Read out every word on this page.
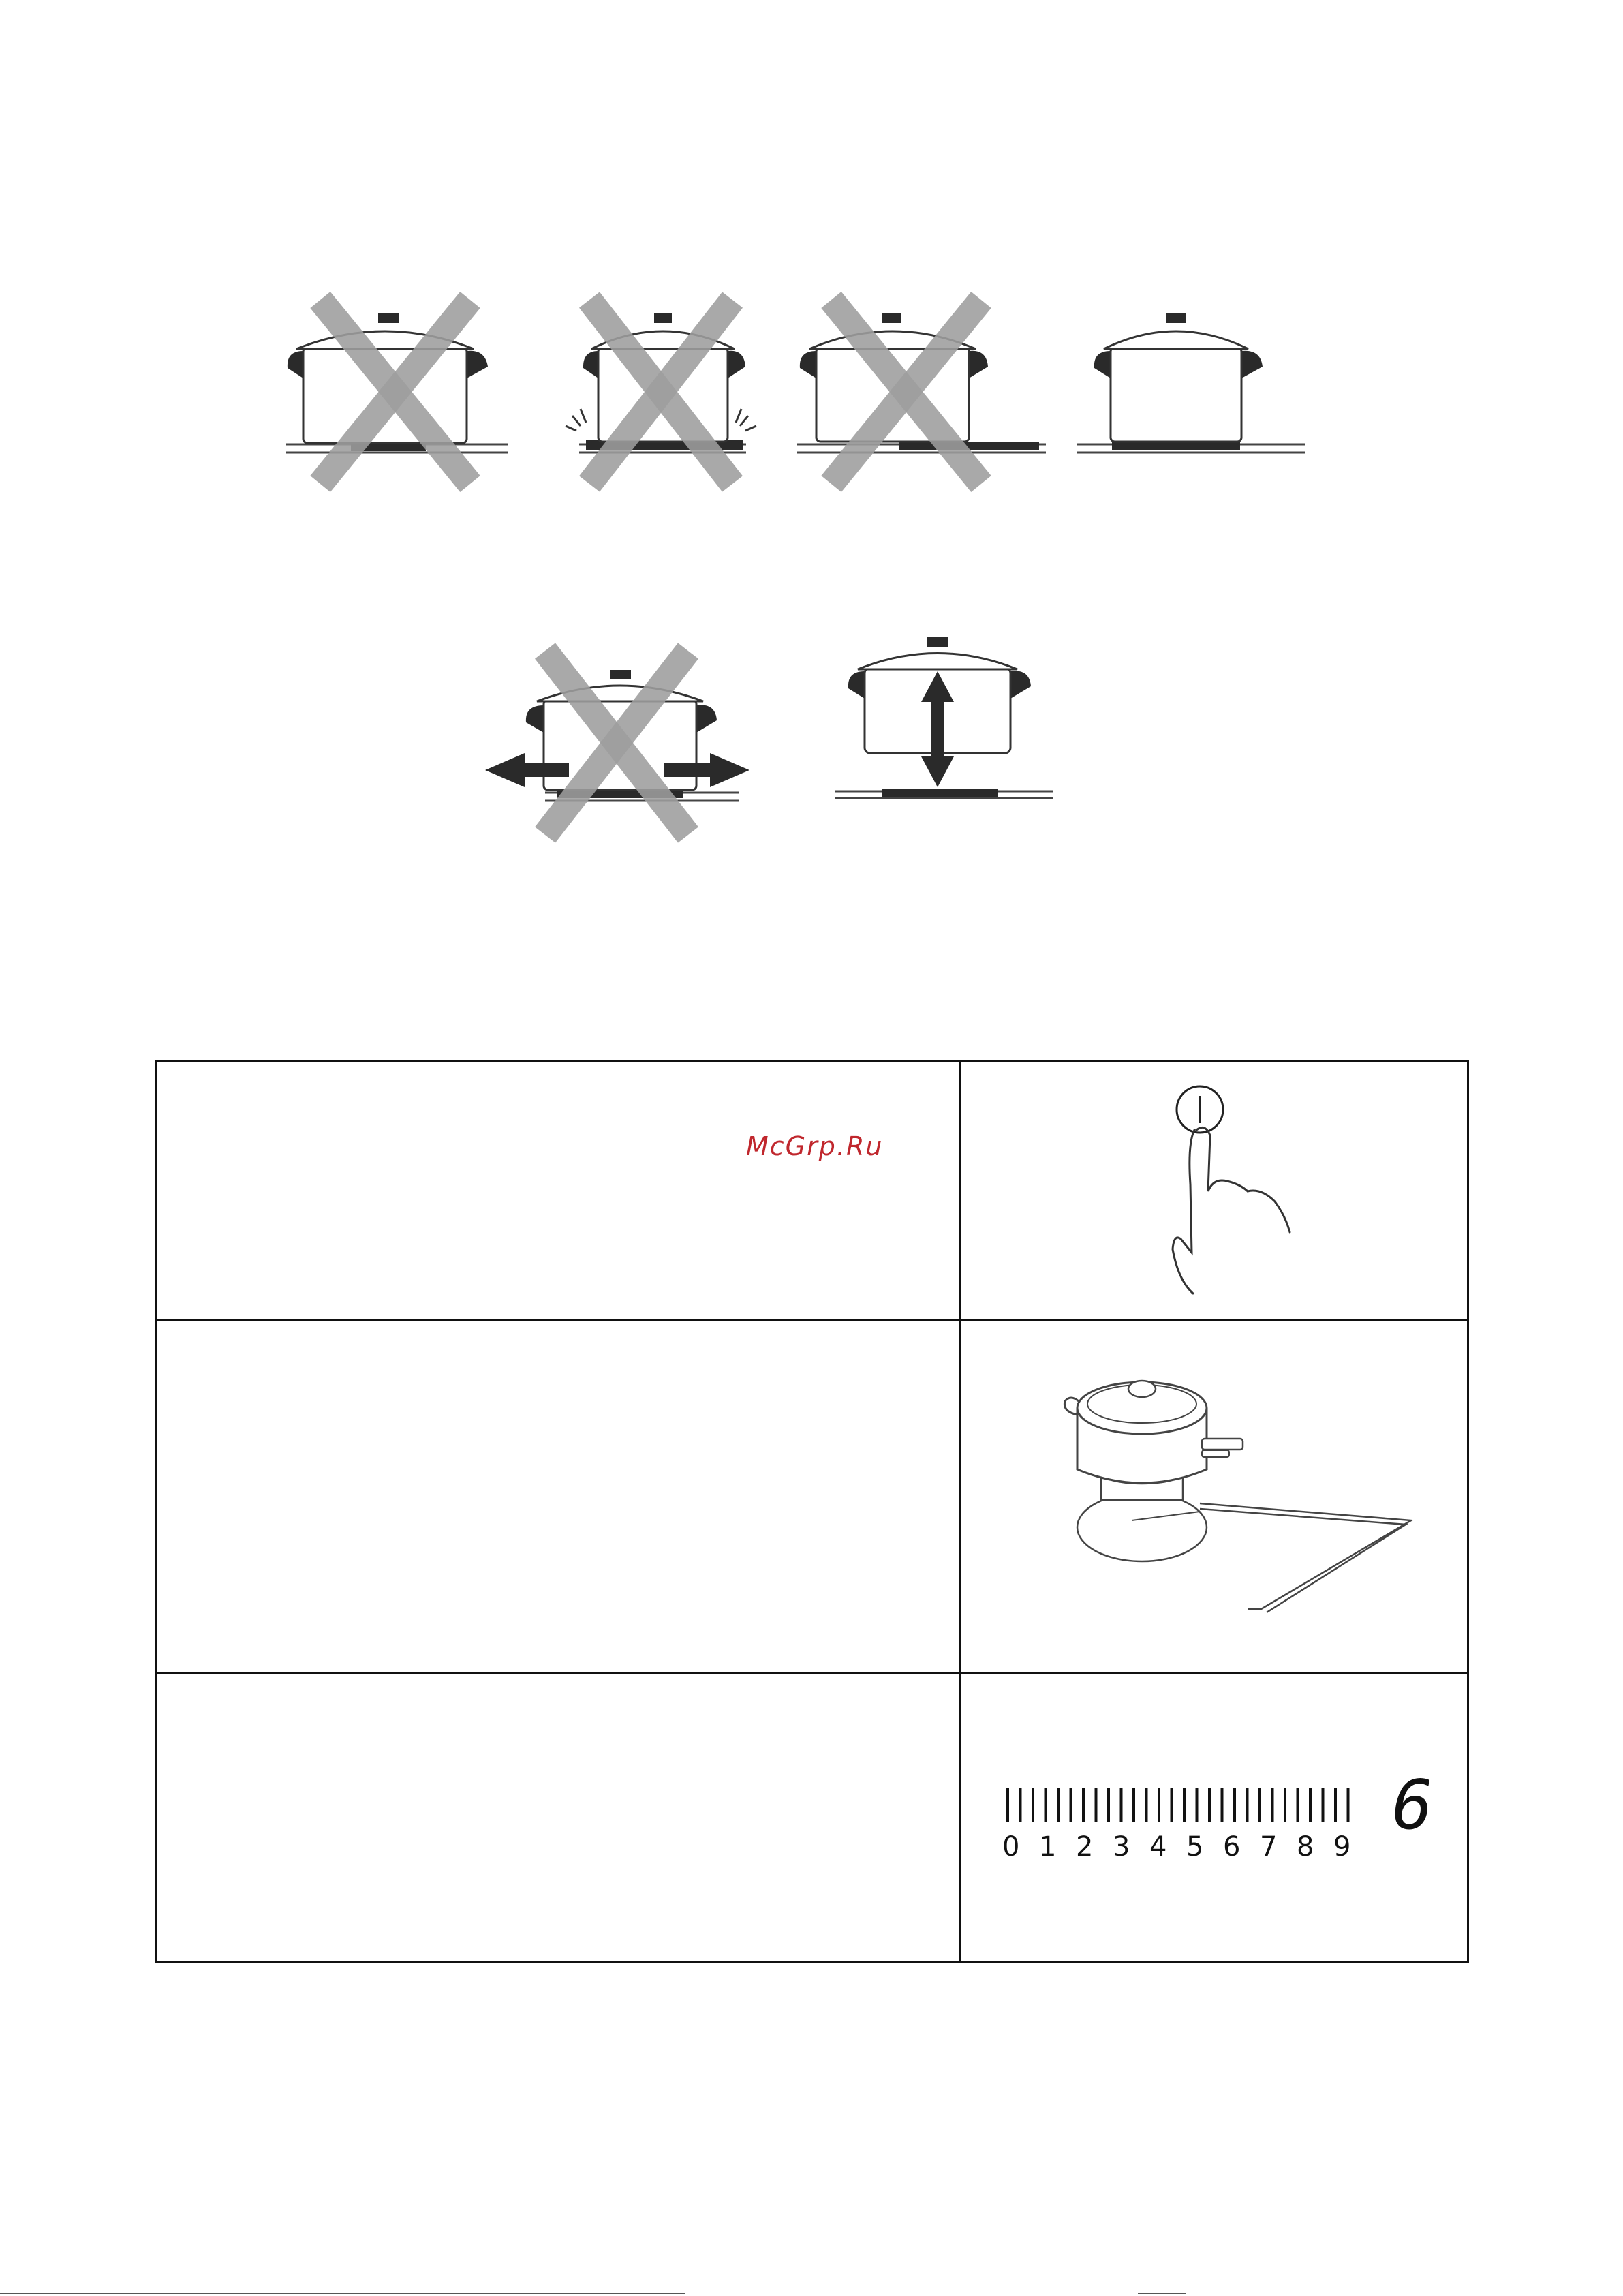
0 1 2 3 4 5 6 7 8 9
6
McGrp.Ru
